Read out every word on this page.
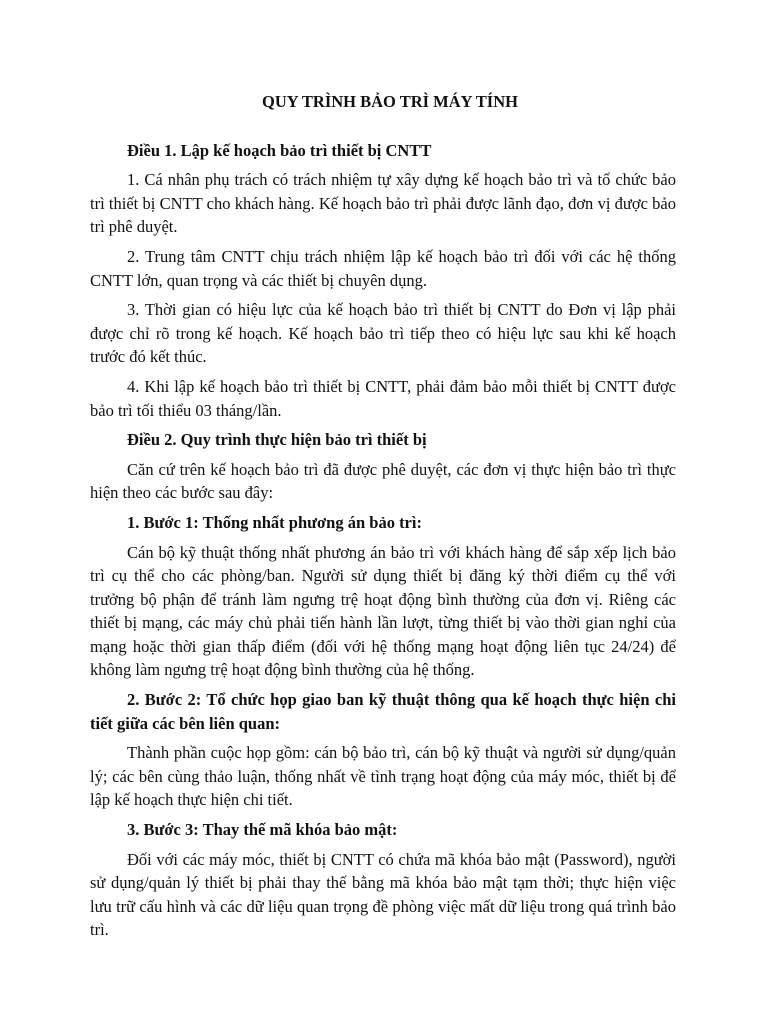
QUY TRÌNH BẢO TRÌ MÁY TÍNH

Điều 1. Lập kế hoạch bảo trì thiết bị CNTT

1. Cá nhân phụ trách có trách nhiệm tự xây dựng kế hoạch bảo trì và tổ chức bảo trì thiết bị CNTT cho khách hàng. Kế hoạch bảo trì phải được lãnh đạo, đơn vị được bảo trì phê duyệt.

2. Trung tâm CNTT chịu trách nhiệm lập kế hoạch bảo trì đối với các hệ thống CNTT lớn, quan trọng và các thiết bị chuyên dụng.

3. Thời gian có hiệu lực của kế hoạch bảo trì thiết bị CNTT do Đơn vị lập phải được chỉ rõ trong kế hoạch. Kế hoạch bảo trì tiếp theo có hiệu lực sau khi kế hoạch trước đó kết thúc.

4. Khi lập kế hoạch bảo trì thiết bị CNTT, phải đảm bảo mỗi thiết bị CNTT được bảo trì tối thiểu 03 tháng/lần.

Điều 2. Quy trình thực hiện bảo trì thiết bị

Căn cứ trên kế hoạch bảo trì đã được phê duyệt, các đơn vị thực hiện bảo trì thực hiện theo các bước sau đây:

1. Bước 1: Thống nhất phương án bảo trì:

Cán bộ kỹ thuật thống nhất phương án bảo trì với khách hàng để sắp xếp lịch bảo trì cụ thể cho các phòng/ban. Người sử dụng thiết bị đăng ký thời điểm cụ thể với trưởng bộ phận để tránh làm ngưng trệ hoạt động bình thường của đơn vị. Riêng các thiết bị mạng, các máy chủ phải tiến hành lần lượt, từng thiết bị vào thời gian nghỉ của mạng hoặc thời gian thấp điểm (đối với hệ thống mạng hoạt động liên tục 24/24) để không làm ngưng trệ hoạt động bình thường của hệ thống.

2. Bước 2: Tổ chức họp giao ban kỹ thuật thông qua kế hoạch thực hiện chi tiết giữa các bên liên quan:

Thành phần cuộc họp gồm: cán bộ bảo trì, cán bộ kỹ thuật và người sử dụng/quản lý; các bên cùng thảo luận, thống nhất về tình trạng hoạt động của máy móc, thiết bị để lập kế hoạch thực hiện chi tiết.

3. Bước 3: Thay thế mã khóa bảo mật:

Đối với các máy móc, thiết bị CNTT có chứa mã khóa bảo mật (Password), người sử dụng/quản lý thiết bị phải thay thế bằng mã khóa bảo mật tạm thời; thực hiện việc lưu trữ cấu hình và các dữ liệu quan trọng đề phòng việc mất dữ liệu trong quá trình bảo trì.
